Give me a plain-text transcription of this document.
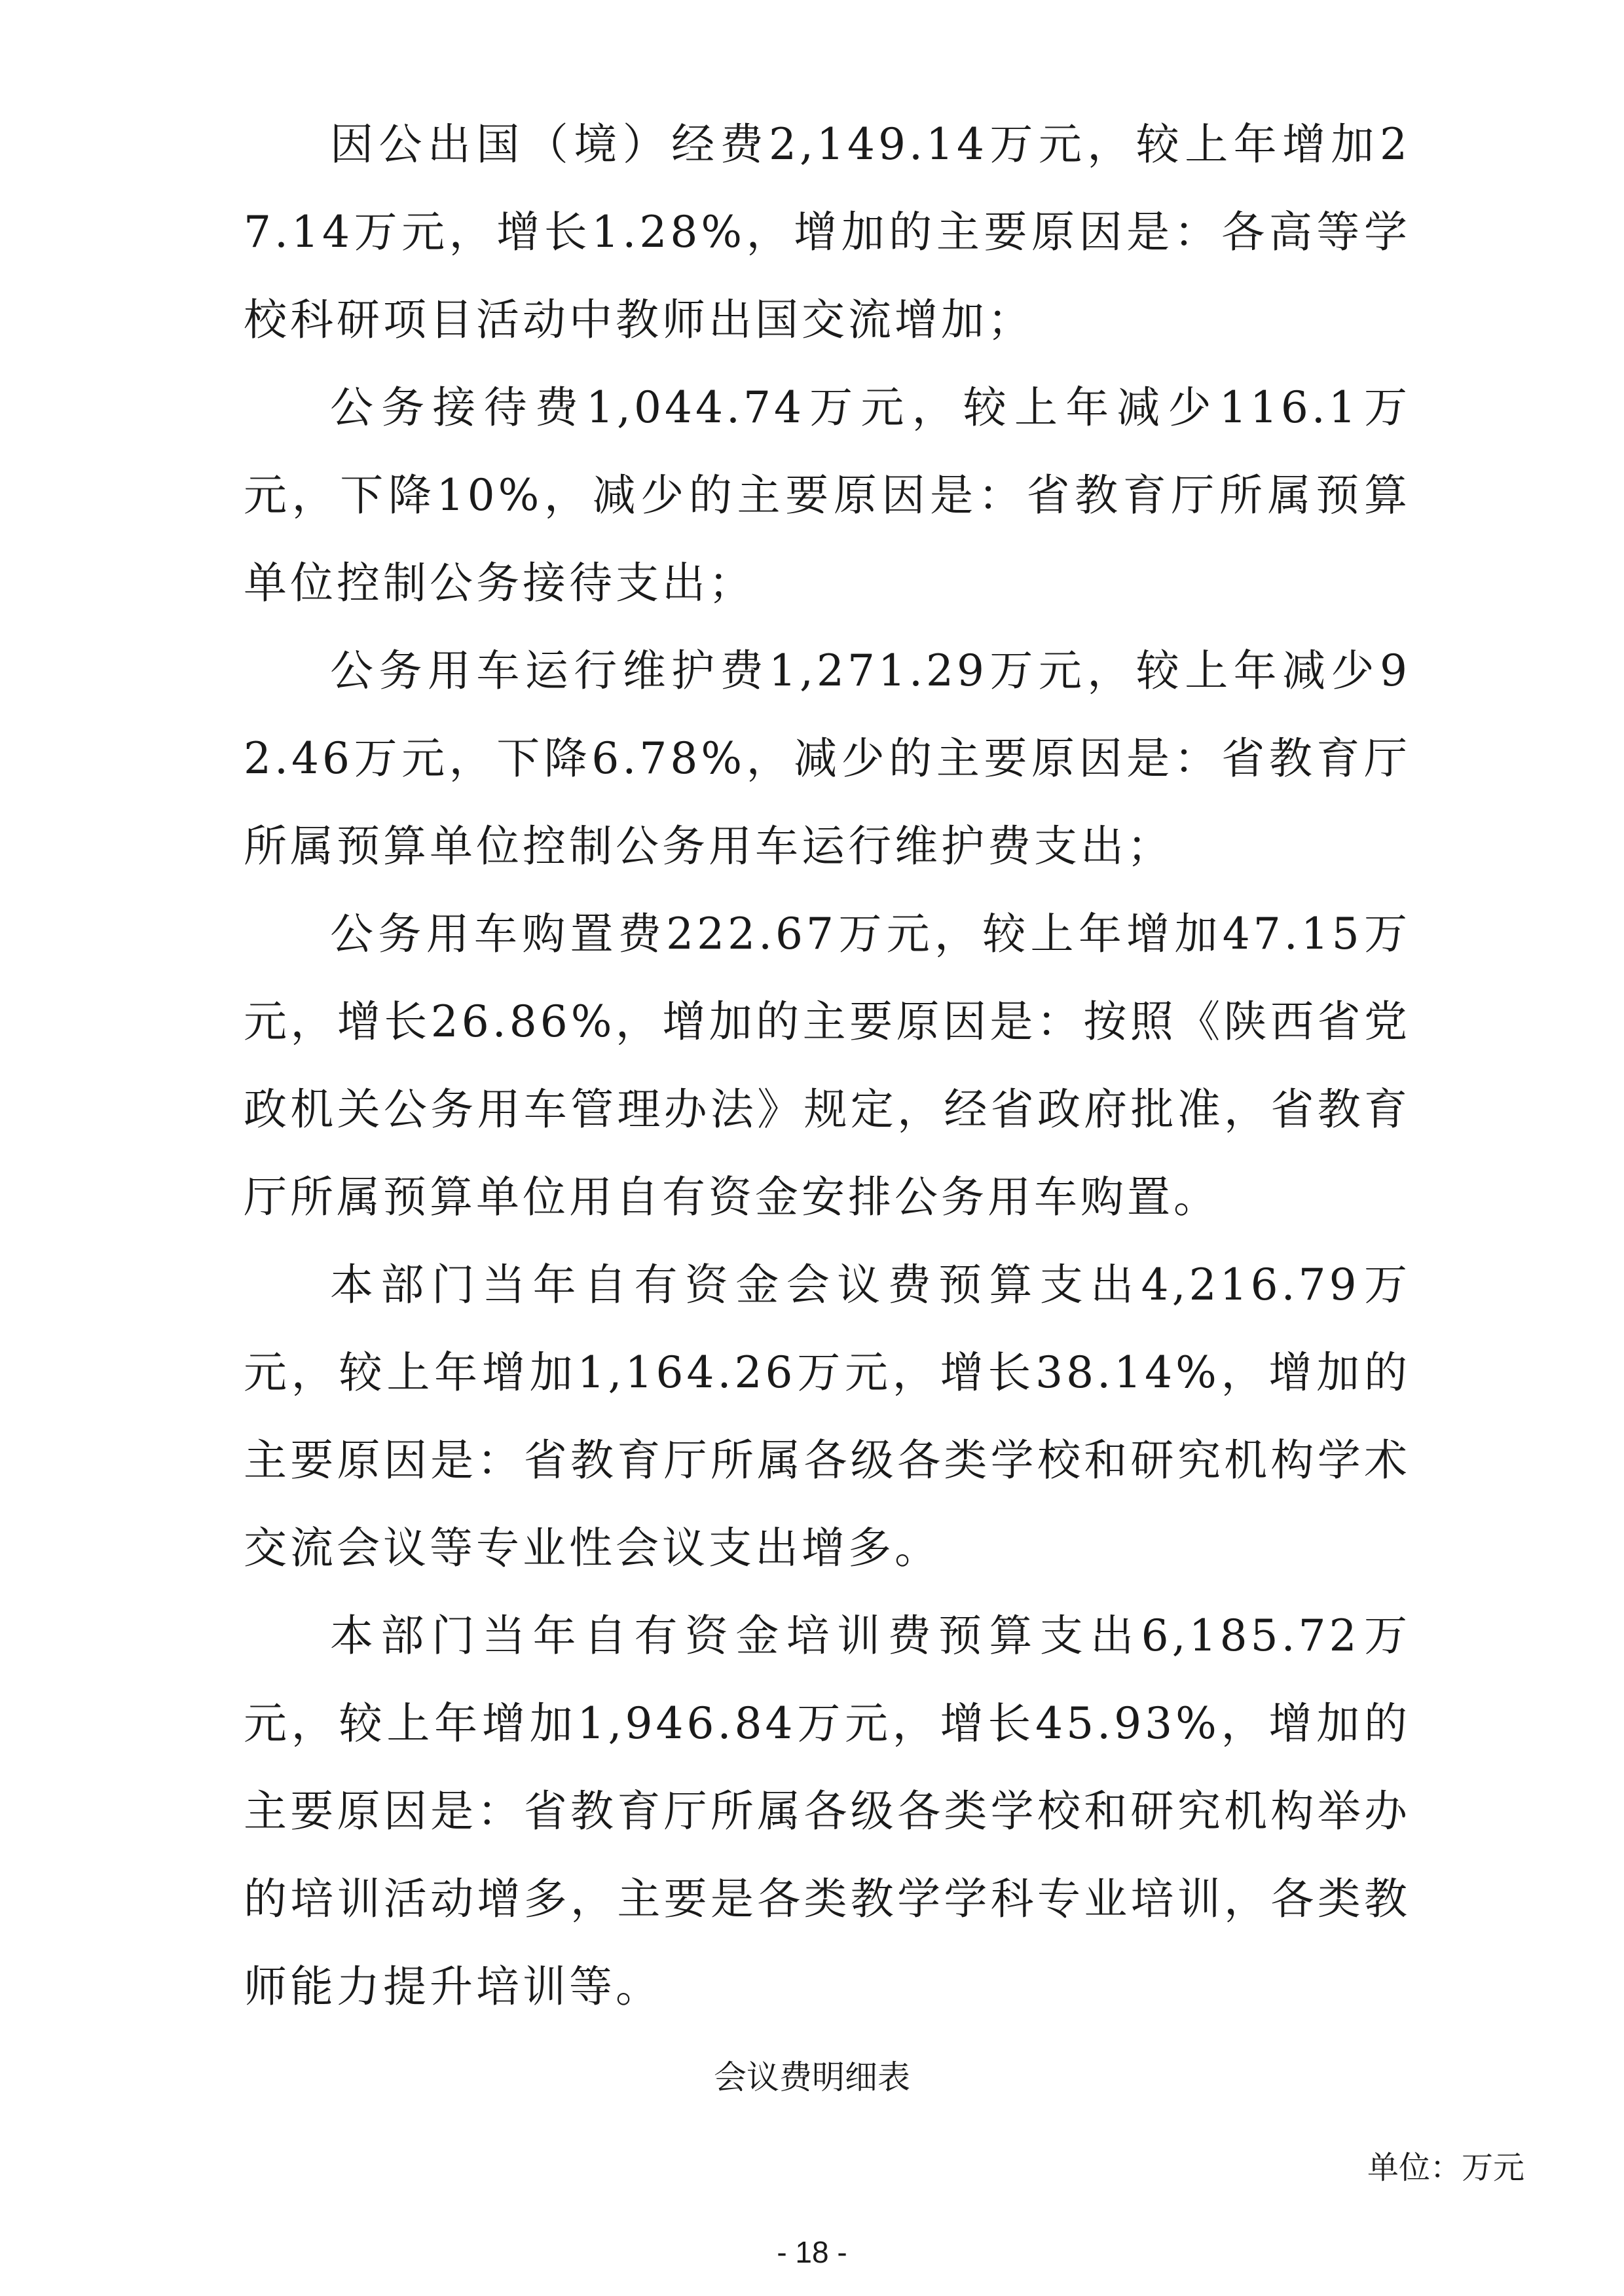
因公出国（境）经费2,149.14万元，较上年增加27.14万元，增长1.28%，增加的主要原因是：各高等学校科研项目活动中教师出国交流增加；

公务接待费1,044.74万元，较上年减少116.1万元，下降10%，减少的主要原因是：省教育厅所属预算单位控制公务接待支出；

公务用车运行维护费1,271.29万元，较上年减少92.46万元，下降6.78%，减少的主要原因是：省教育厅所属预算单位控制公务用车运行维护费支出；

公务用车购置费222.67万元，较上年增加47.15万元，增长26.86%，增加的主要原因是：按照《陕西省党政机关公务用车管理办法》规定，经省政府批准，省教育厅所属预算单位用自有资金安排公务用车购置。

本部门当年自有资金会议费预算支出4,216.79万元，较上年增加1,164.26万元，增长38.14%，增加的主要原因是：省教育厅所属各级各类学校和研究机构学术交流会议等专业性会议支出增多。

本部门当年自有资金培训费预算支出6,185.72万元，较上年增加1,946.84万元，增长45.93%，增加的主要原因是：省教育厅所属各级各类学校和研究机构举办的培训活动增多，主要是各类教学学科专业培训，各类教师能力提升培训等。

会议费明细表
单位：万元
- 18 -
